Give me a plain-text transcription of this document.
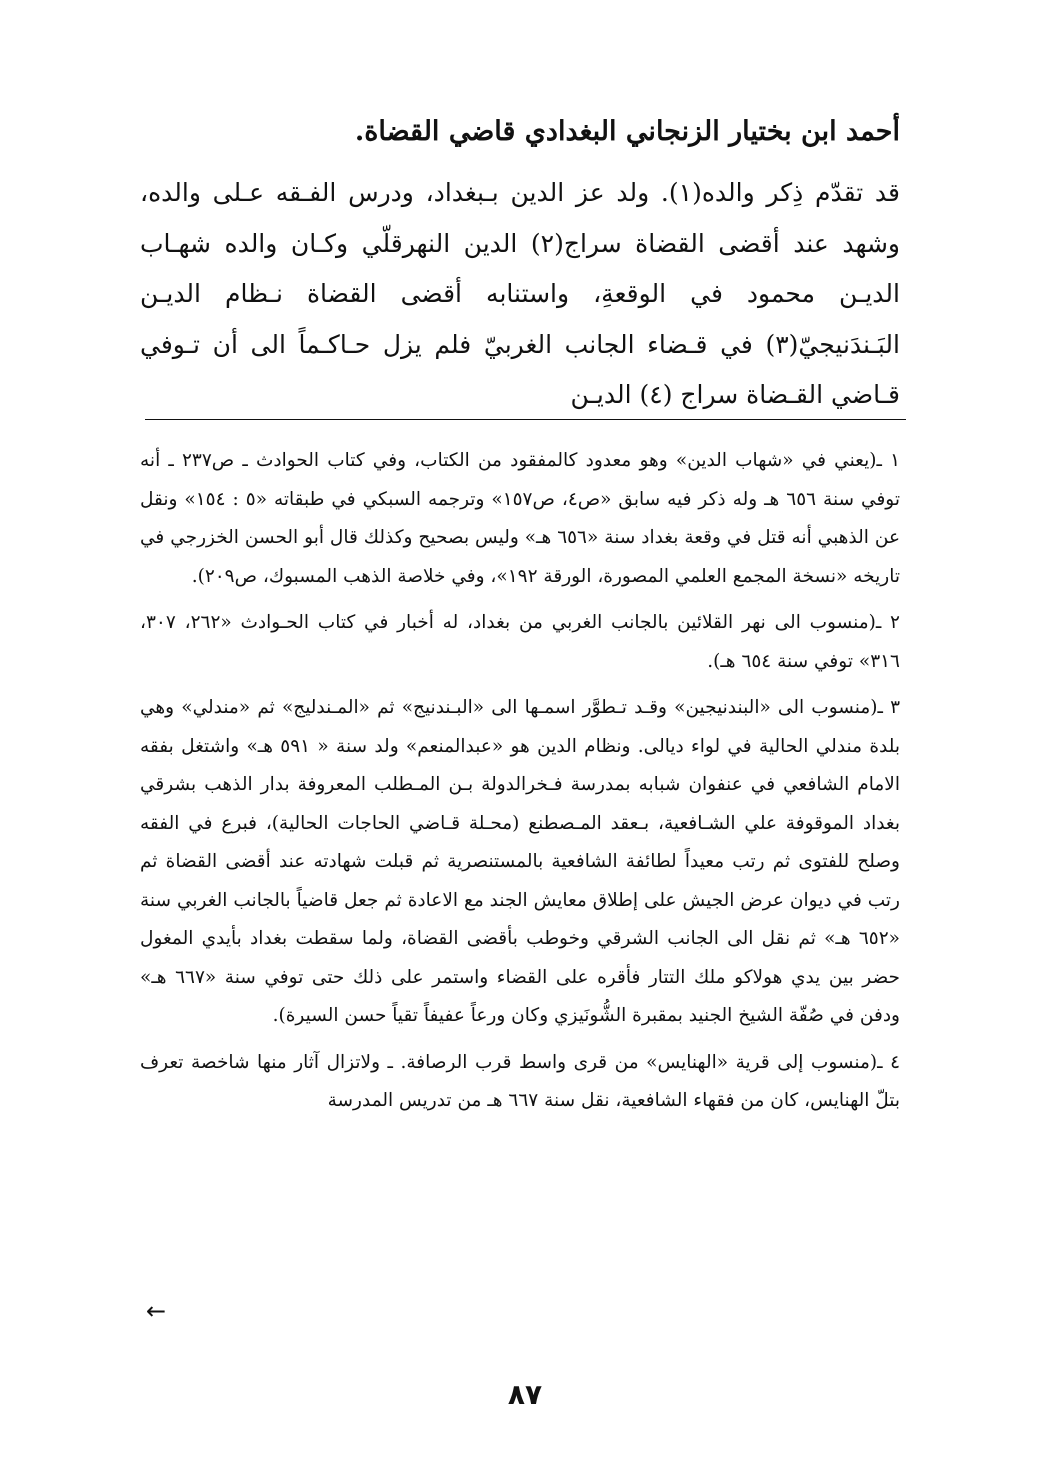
أحمد ابن بختيار الزنجاني البغدادي قاضي القضاة.

قد تقدّم ذِكر والده(١). ولد عز الدين بـبغداد، ودرس الفـقه عـلى والده، وشهد عند أقضى القضاة سراج(٢) الدين النهرقلّي وكـان والده شهـاب الديـن محمود في الوقعةِ، واستنابه أقضى القضاة نـظام الديـن البَـندَنيجيّ(٣) في قـضاء الجانب الغربيّ فلم يزل حـاكـماً الى أن تـوفي قـاضي القـضاة سراج (٤) الديـن

١ ـ(يعني في «شهاب الدين» وهو معدود كالمفقود من الكتاب، وفي كتاب الحوادث ـ ص٢٣٧ ـ أنه توفي سنة ٦٥٦ هـ وله ذكر فيه سابق «ص٤، ص١٥٧» وترجمه السبكي في طبقاته «٥ : ١٥٤» ونقل عن الذهبي أنه قتل في وقعة بغداد سنة «٦٥٦ هـ» وليس بصحيح وكذلك قال أبو الحسن الخزرجي في تاريخه «نسخة المجمع العلمي المصورة، الورقة ١٩٢»، وفي خلاصة الذهب المسبوك، ص٢٠٩).

٢ ـ(منسوب الى نهر القلائين بالجانب الغربي من بغداد، له أخبار في كتاب الحـوادث «٢٦٢، ٣٠٧، ٣١٦» توفي سنة ٦٥٤ هـ).

٣ ـ(منسوب الى «البندنيجين» وقـد تـطوَّر اسمـها الى «البـندنيج» ثم «المـندليج» ثم «مندلي» وهي بلدة مندلي الحالية في لواء ديالى. ونظام الدين هو «عبدالمنعم» ولد سنة « ٥٩١ هـ» واشتغل بفقه الامام الشافعي في عنفوان شبابه بمدرسة فـخرالدولة بـن المـطلب المعروفة بدار الذهب بشرقي بغداد الموقوفة علي الشـافعية، بـعقد المـصطنع (محـلة قـاضي الحاجات الحالية)، فبرع في الفقه وصلح للفتوى ثم رتب معيداً لطائفة الشافعية بالمستنصرية ثم قبلت شهادته عند أقضى القضاة ثم رتب في ديوان عرض الجيش على إطلاق معايش الجند مع الاعادة ثم جعل قاضياً بالجانب الغربي سنة «٦٥٢ هـ» ثم نقل الى الجانب الشرقي وخوطب بأقضى القضاة، ولما سقطت بغداد بأيدي المغول حضر بين يدي هولاكو ملك التتار فأقره على القضاء واستمر على ذلك حتى توفي سنة «٦٦٧ هـ» ودفن في صُفّة الشيخ الجنيد بمقبرة الشُّونَيزي وكان ورعاً عفيفاً تقياً حسن السيرة).

٤ ـ(منسوب إلى قرية «الهنايس» من قرى واسط قرب الرصافة. ـ ولاتزال آثار منها شاخصة تعرف بتلّ الهنايس، كان من فقهاء الشافعية، نقل سنة ٦٦٧ هـ من تدريس المدرسة

←
٨٧
